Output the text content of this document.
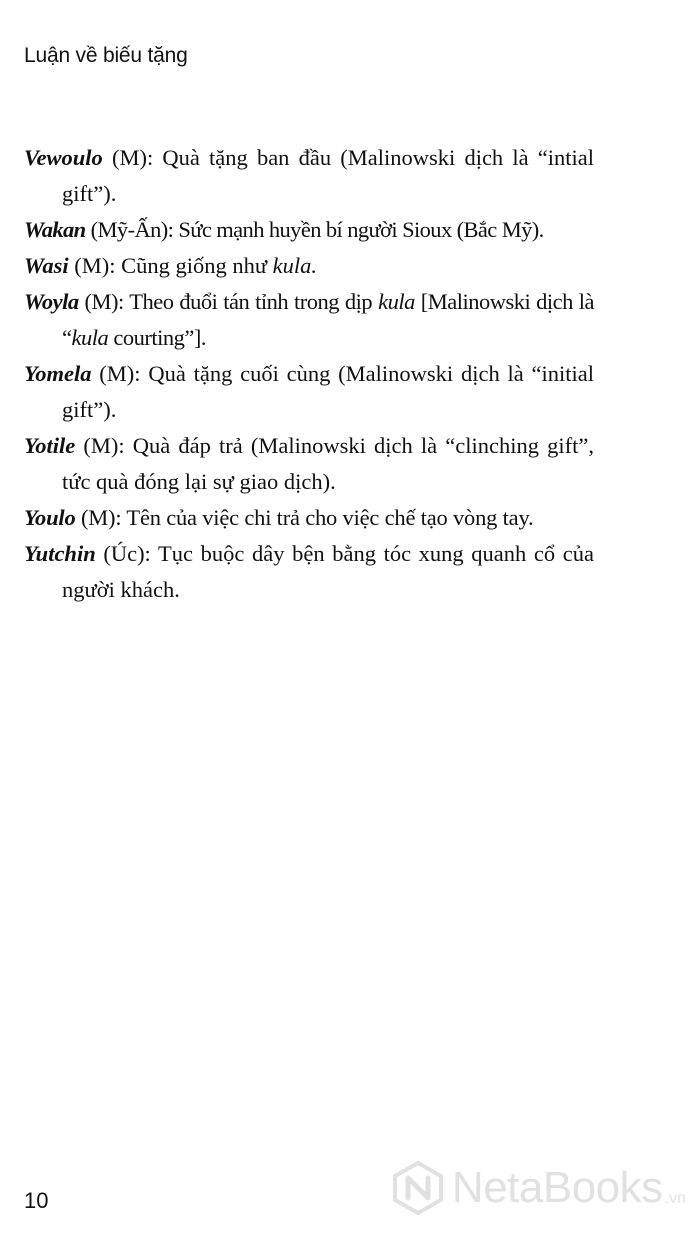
Luận về biếu tặng

Vewoulo (M): Quà tặng ban đầu (Malinowski dịch là “intial gift”).

Wakan (Mỹ-Ấn): Sức mạnh huyền bí người Sioux (Bắc Mỹ).

Wasi (M): Cũng giống như kula.

Woyla (M): Theo đuổi tán tỉnh trong dịp kula [Malinowski dịch là “kula courting”].

Yomela (M): Quà tặng cuối cùng (Malinowski dịch là “initial gift”).

Yotile (M): Quà đáp trả (Malinowski dịch là “clinching gift”, tức quà đóng lại sự giao dịch).

Youlo (M): Tên của việc chi trả cho việc chế tạo vòng tay.

Yutchin (Úc): Tục buộc dây bện bằng tóc xung quanh cổ của người khách.

10	NetaBooks .vn
